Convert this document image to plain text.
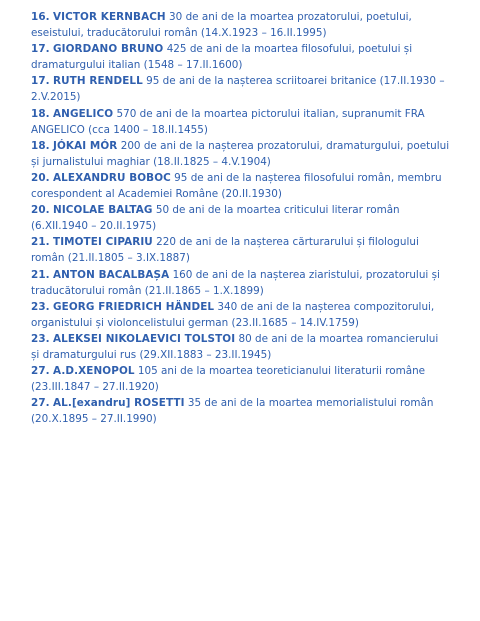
16. VICTOR KERNBACH 30 de ani de la moartea prozatorului, poetului,
eseistului, traducătorului român (14.X.1923 – 16.II.1995)

17. GIORDANO BRUNO 425 de ani de la moartea filosofului, poetului și
dramaturgului italian (1548 – 17.II.1600)

17. RUTH RENDELL 95 de ani de la nașterea scriitoarei britanice (17.II.1930 –
2.V.2015)

18. ANGELICO 570 de ani de la moartea pictorului italian, supranumit FRA
ANGELICO (cca 1400 – 18.II.1455)

18. JÓKAI MÓR 200 de ani de la nașterea prozatorului, dramaturgului, poetului
și jurnalistului maghiar (18.II.1825 – 4.V.1904)

20. ALEXANDRU BOBOC 95 de ani de la nașterea filosofului român, membru
corespondent al Academiei Române (20.II.1930)

20. NICOLAE BALTAG 50 de ani de la moartea criticului literar român
(6.XII.1940 – 20.II.1975)

21. TIMOTEI CIPARIU 220 de ani de la nașterea cărturarului și filologului
român (21.II.1805 – 3.IX.1887)

21. ANTON BACALBAȘA 160 de ani de la nașterea ziaristului, prozatorului și
traducătorului român (21.II.1865 – 1.X.1899)

23. GEORG FRIEDRICH HÄNDEL 340 de ani de la nașterea compozitorului,
organistului și violoncelistului german (23.II.1685 – 14.IV.1759)

23. ALEKSEI NIKOLAEVICI TOLSTOI 80 de ani de la moartea romancierului
și dramaturgului rus (29.XII.1883 – 23.II.1945)

27. A.D.XENOPOL 105 ani de la moartea teoreticianului literaturii române
(23.III.1847 – 27.II.1920)

27. AL.[exandru] ROSETTI 35 de ani de la moartea memorialistului român
(20.X.1895 – 27.II.1990)
